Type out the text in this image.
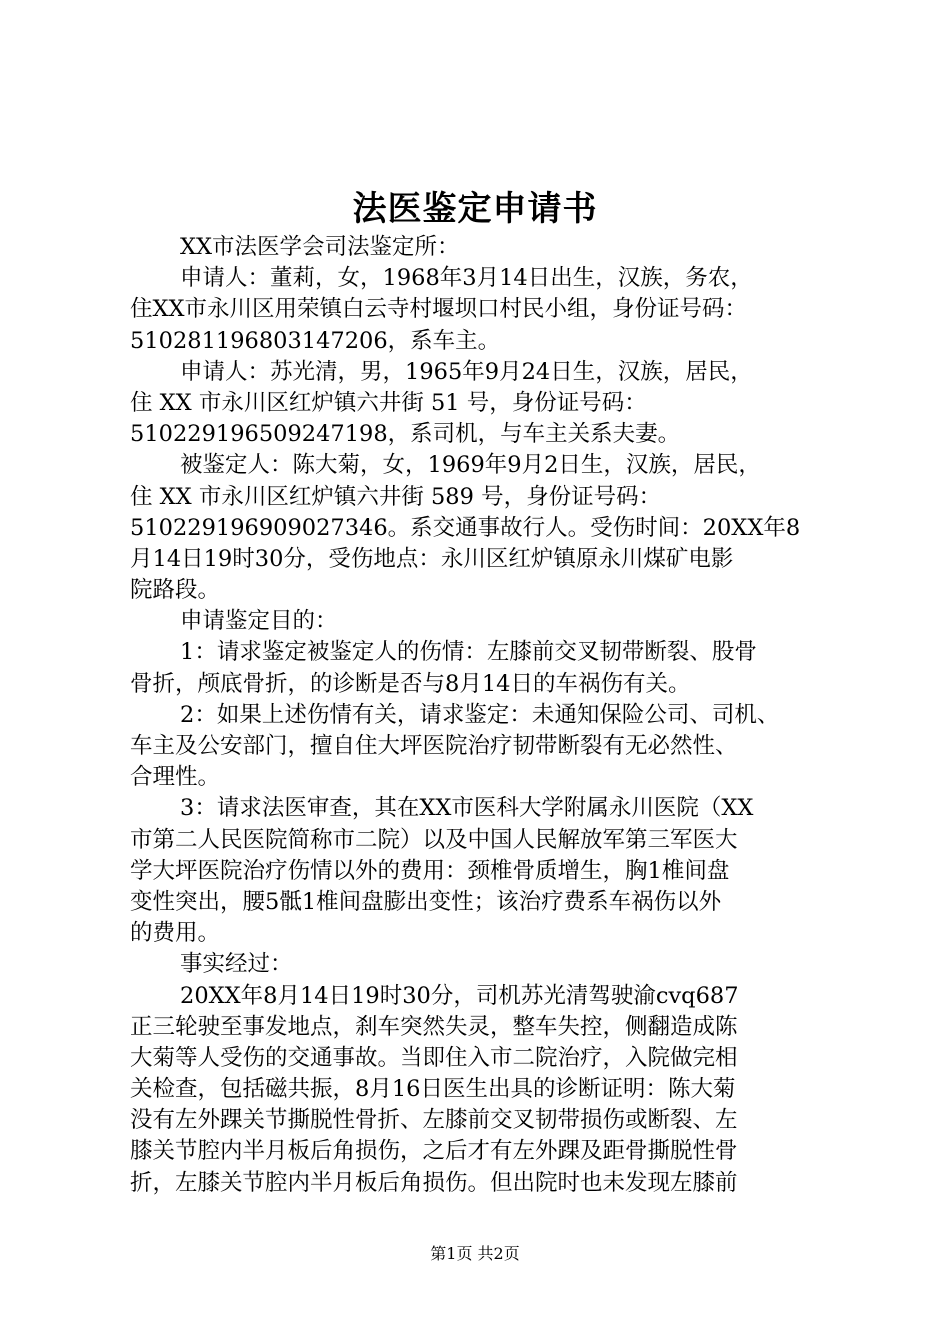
法医鉴定申请书
XX市法医学会司法鉴定所：
申请人：董莉，女，1968年3月14日出生，汉族，务农，
住XX市永川区用荣镇白云寺村堰坝口村民小组，身份证号码：
510281196803147206，系车主。
申请人：苏光清，男，1965年9月24日生，汉族，居民，
住 XX 市永川区红炉镇六井街 51 号，身份证号码：
510229196509247198，系司机，与车主关系夫妻。
被鉴定人：陈大菊，女，1969年9月2日生，汉族，居民，
住 XX 市永川区红炉镇六井街 589 号，身份证号码：
510229196909027346。系交通事故行人。受伤时间：20XX年8
月14日19时30分，受伤地点：永川区红炉镇原永川煤矿电影
院路段。
申请鉴定目的：
1：请求鉴定被鉴定人的伤情：左膝前交叉韧带断裂、股骨
骨折，颅底骨折，的诊断是否与8月14日的车祸伤有关。
2：如果上述伤情有关，请求鉴定：未通知保险公司、司机、
车主及公安部门，擅自住大坪医院治疗韧带断裂有无必然性、
合理性。
3：请求法医审查，其在XX市医科大学附属永川医院（XX
市第二人民医院简称市二院）以及中国人民解放军第三军医大
学大坪医院治疗伤情以外的费用：颈椎骨质增生，胸1椎间盘
变性突出，腰5骶1椎间盘膨出变性；该治疗费系车祸伤以外
的费用。
事实经过：
20XX年8月14日19时30分，司机苏光清驾驶渝cvq687
正三轮驶至事发地点，刹车突然失灵，整车失控，侧翻造成陈
大菊等人受伤的交通事故。当即住入市二院治疗，入院做完相
关检查，包括磁共振，8月16日医生出具的诊断证明：陈大菊
没有左外踝关节撕脱性骨折、左膝前交叉韧带损伤或断裂、左
膝关节腔内半月板后角损伤，之后才有左外踝及距骨撕脱性骨
折，左膝关节腔内半月板后角损伤。但出院时也未发现左膝前
第1页 共2页
